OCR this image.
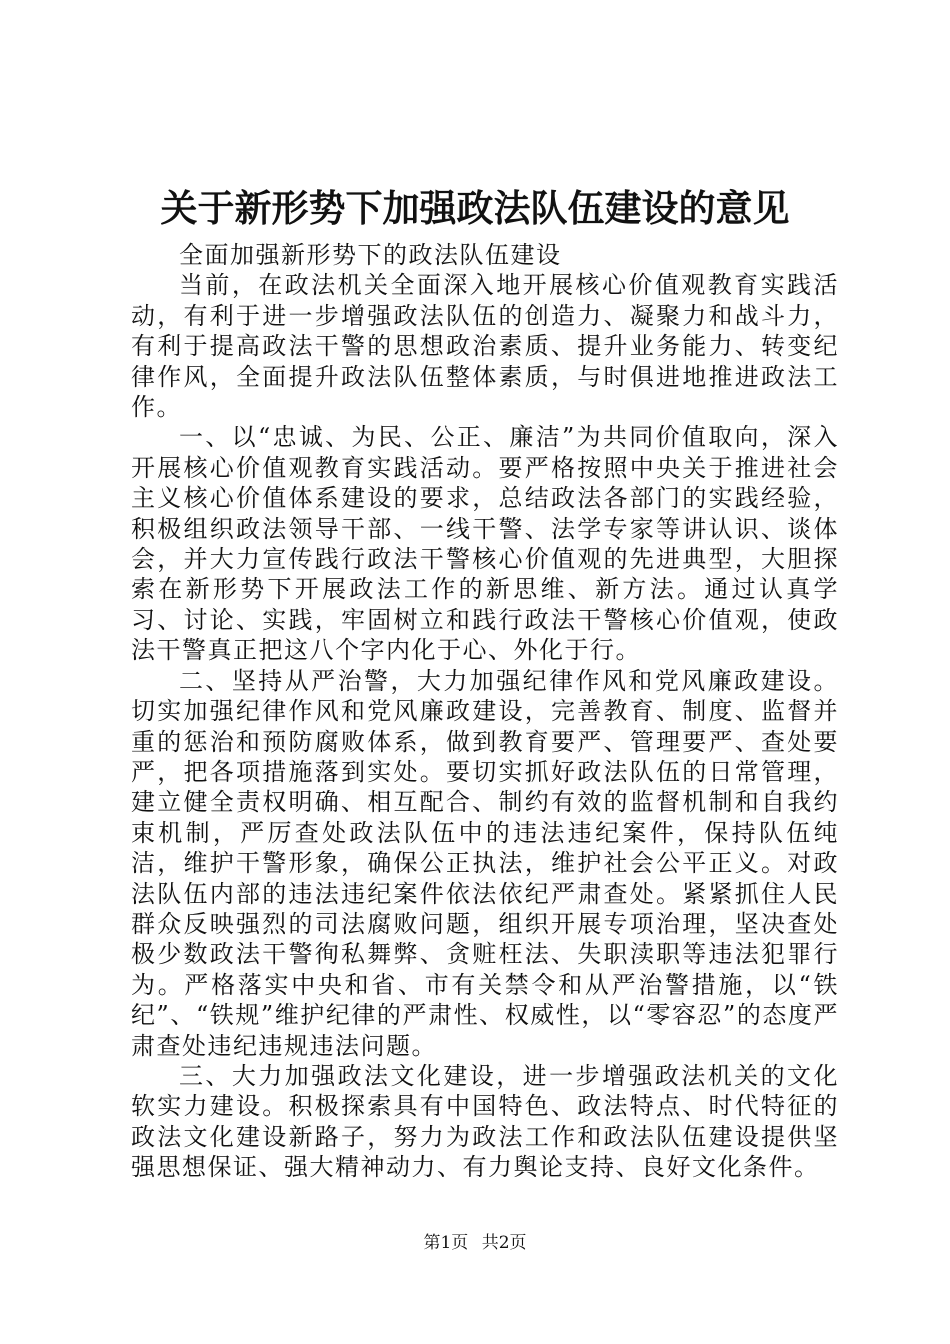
关于新形势下加强政法队伍建设的意见

全面加强新形势下的政法队伍建设

当前，在政法机关全面深入地开展核心价值观教育实践活动，有利于进一步增强政法队伍的创造力、凝聚力和战斗力，有利于提高政法干警的思想政治素质、提升业务能力、转变纪律作风，全面提升政法队伍整体素质，与时俱进地推进政法工作。

一、以“忠诚、为民、公正、廉洁”为共同价值取向，深入开展核心价值观教育实践活动。要严格按照中央关于推进社会主义核心价值体系建设的要求，总结政法各部门的实践经验，积极组织政法领导干部、一线干警、法学专家等讲认识、谈体会，并大力宣传践行政法干警核心价值观的先进典型，大胆探索在新形势下开展政法工作的新思维、新方法。通过认真学习、讨论、实践，牢固树立和践行政法干警核心价值观，使政法干警真正把这八个字内化于心、外化于行。

二、坚持从严治警，大力加强纪律作风和党风廉政建设。切实加强纪律作风和党风廉政建设，完善教育、制度、监督并重的惩治和预防腐败体系，做到教育要严、管理要严、查处要严，把各项措施落到实处。要切实抓好政法队伍的日常管理，建立健全责权明确、相互配合、制约有效的监督机制和自我约束机制，严厉查处政法队伍中的违法违纪案件，保持队伍纯洁，维护干警形象，确保公正执法，维护社会公平正义。对政法队伍内部的违法违纪案件依法依纪严肃查处。紧紧抓住人民群众反映强烈的司法腐败问题，组织开展专项治理，坚决查处极少数政法干警徇私舞弊、贪赃枉法、失职渎职等违法犯罪行为。严格落实中央和省、市有关禁令和从严治警措施，以“铁纪”、“铁规”维护纪律的严肃性、权威性，以“零容忍”的态度严肃查处违纪违规违法问题。

三、大力加强政法文化建设，进一步增强政法机关的文化软实力建设。积极探索具有中国特色、政法特点、时代特征的政法文化建设新路子，努力为政法工作和政法队伍建设提供坚强思想保证、强大精神动力、有力舆论支持、良好文化条件。

第1页 共2页
